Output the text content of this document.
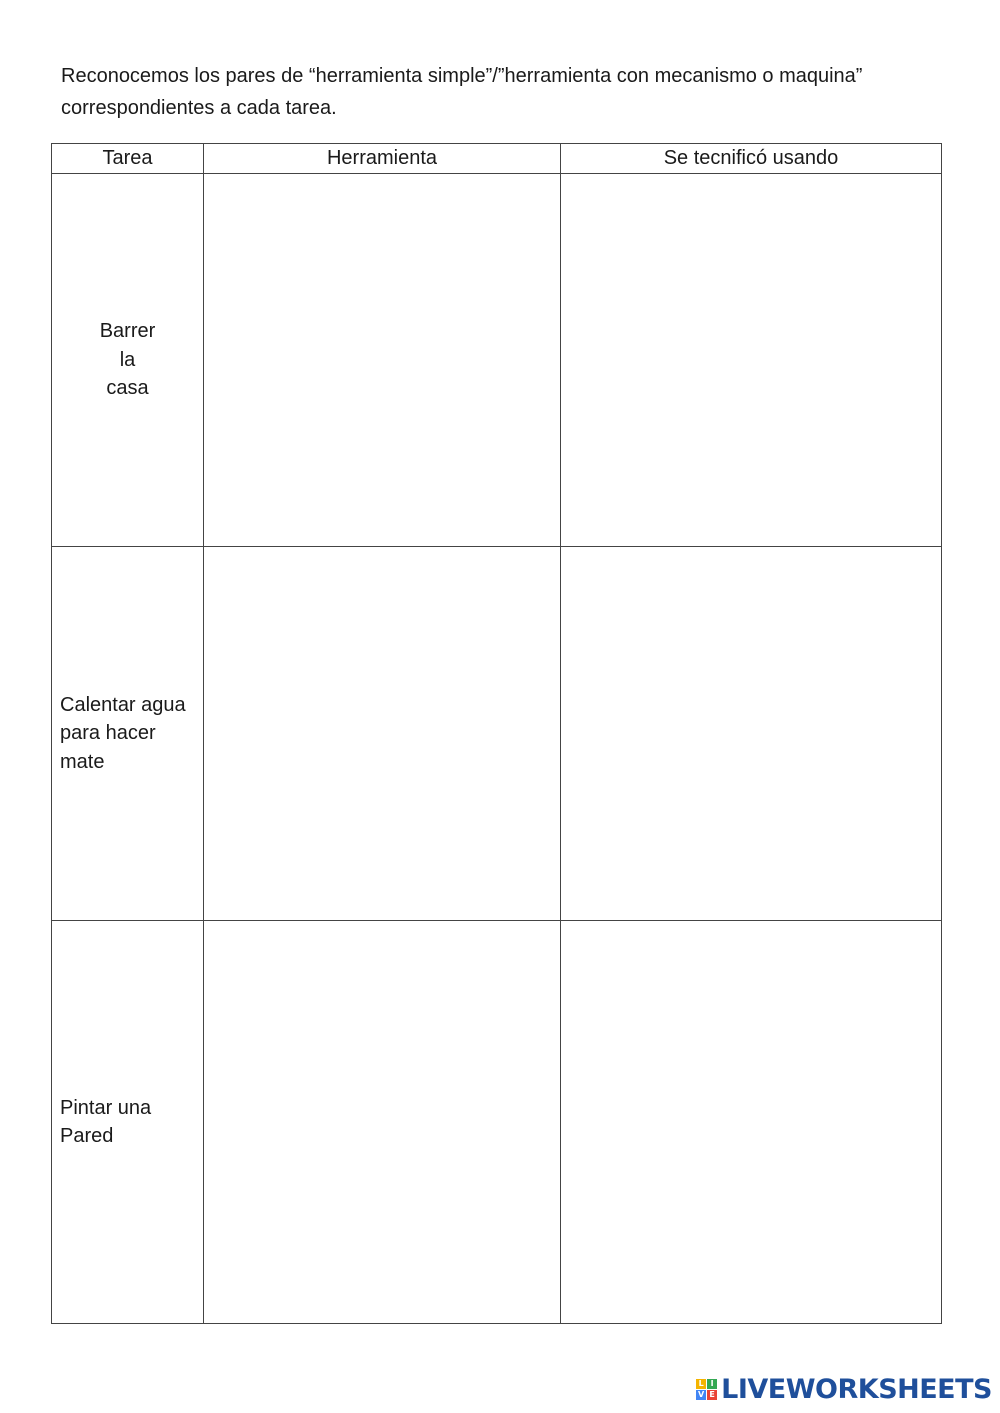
Reconocemos los pares de “herramienta simple”/”herramienta con mecanismo o maquina”
correspondientes a cada tarea.

Tarea	Herramienta	Se tecnificó usando

Barrer
la
casa		

Calentar agua
para hacer
mate		

Pintar una
Pared		

L I
V E LIVEWORKSHEETS
